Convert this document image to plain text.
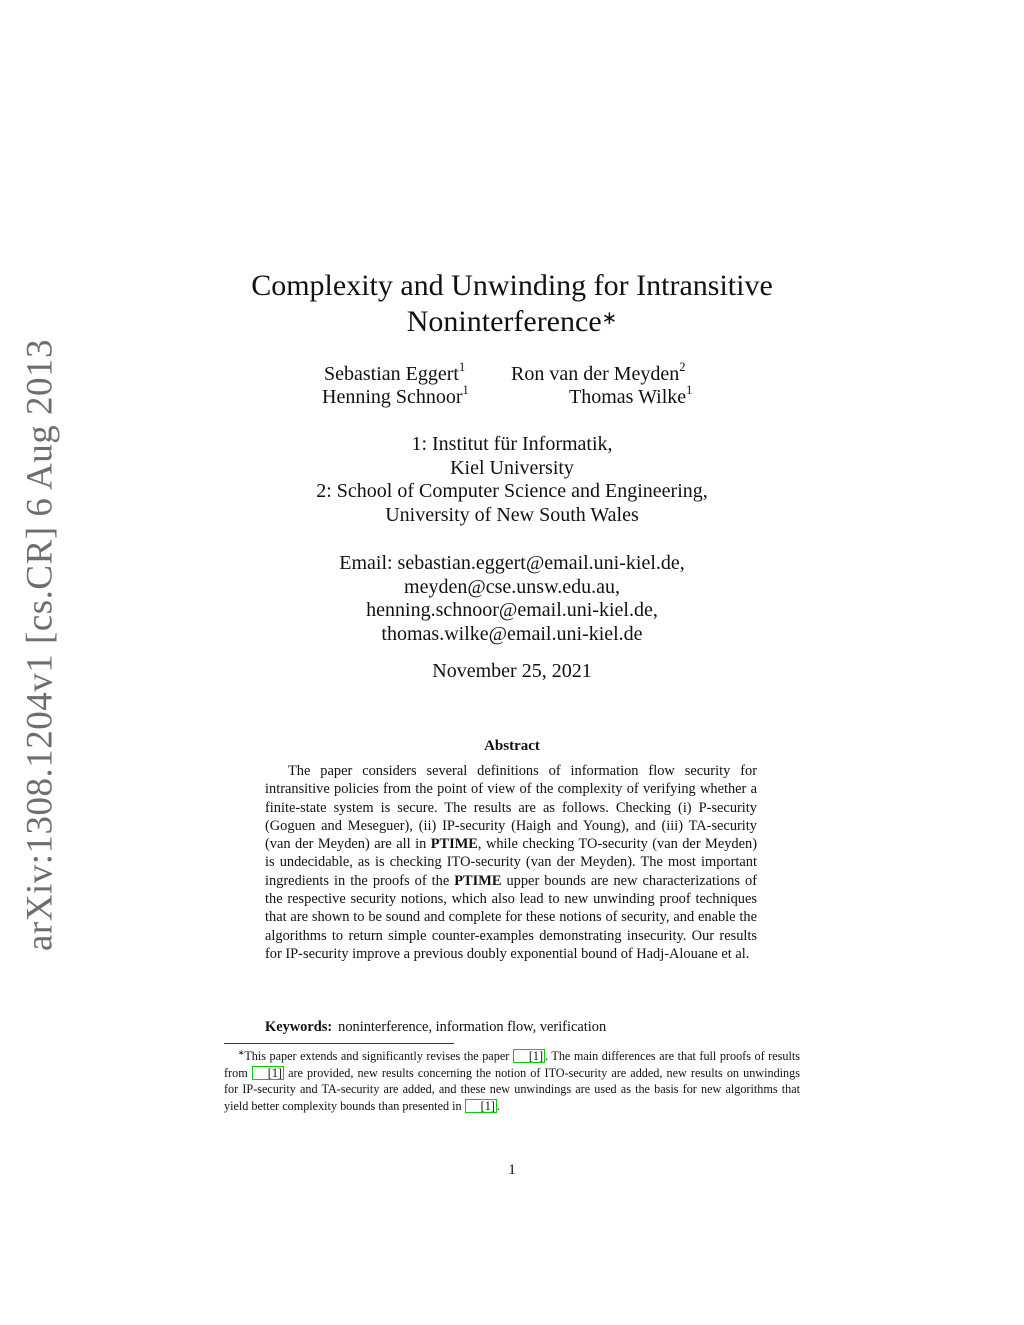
arXiv:1308.1204v1 [cs.CR] 6 Aug 2013
Complexity and Unwinding for Intransitive
Noninterference∗
Sebastian Eggert$^1$ Ron van der Meyden$^2$
Henning Schnoor$^1$	Thomas Wilke$^1$
1: Institut für Informatik,
Kiel University
2: School of Computer Science and Engineering,
University of New South Wales
Email: sebastian.eggert@email.uni-kiel.de,
meyden@cse.unsw.edu.au,
henning.schnoor@email.uni-kiel.de,
thomas.wilke@email.uni-kiel.de
November 25, 2021
Abstract
The paper considers several definitions of information flow security for intransitive policies from the point of view of the complexity of verifying whether a finite-state system is secure. The results are as follows. Checking (i) P-security (Goguen and Meseguer), (ii) IP-security (Haigh and Young), and (iii) TA-security (van der Meyden) are all in PTIME, while checking TO-security (van der Meyden) is undecidable, as is checking ITO-security (van der Meyden). The most important ingredients in the proofs of the PTIME upper bounds are new characterizations of the respective security notions, which also lead to new unwinding proof techniques that are shown to be sound and complete for these notions of security, and enable the algorithms to return simple counter-examples demonstrating insecurity. Our results for IP-security improve a previous doubly exponential bound of Hadj-Alouane et al.
Keywords: noninterference, information flow, verification
∗This paper extends and significantly revises the paper [1] . The main differences are that full proofs of results from [1] are provided, new results concerning the notion of ITO-security are added, new results on unwindings for IP-security and TA-security are added, and these new unwindings are used as the basis for new algorithms that yield better complexity bounds than presented in [1] .
1
